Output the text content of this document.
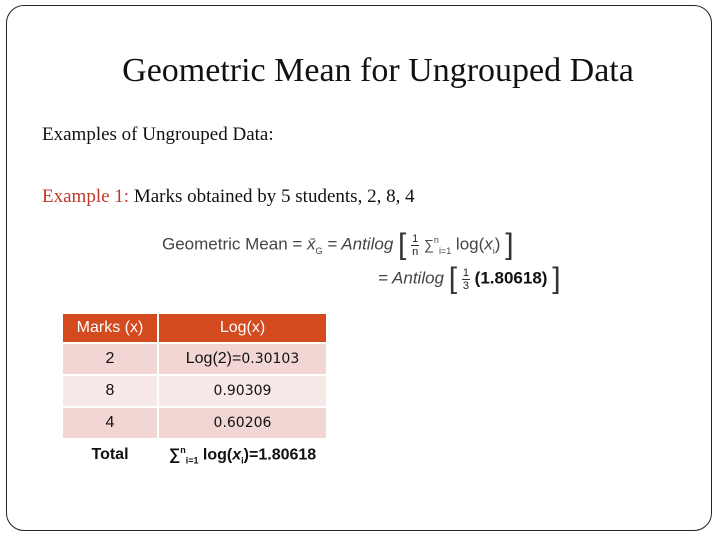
Geometric Mean for Ungrouped Data
Examples of Ungrouped Data:
Example 1: Marks obtained by 5 students, 2, 8, 4
Geometric Mean = $x̄_G$ = Antilog [ $\frac{1}{n} \sum^n_{i=1}$ $\log(x_i)$ ]
= Antilog [ $\frac{1}{3} (1.80618)$ ]
Marks (x)	Log(x)
2	Log(2)=0.30103
8	0.90309
4	0.60206
Total	∑$^n_{i=1}$ $\log(x_i)=1.80618$
